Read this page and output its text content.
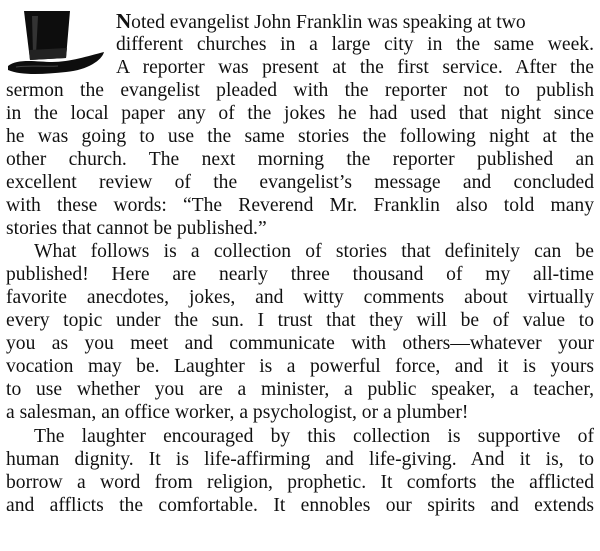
Noted evangelist John Franklin was speaking at two
different churches in a large city in the same week.
A reporter was present at the first service. After the
sermon the evangelist pleaded with the reporter not to publish
in the local paper any of the jokes he had used that night since
he was going to use the same stories the following night at the
other church. The next morning the reporter published an
excellent review of the evangelist’s message and concluded
with these words: “The Reverend Mr. Franklin also told many
stories that cannot be published.”
What follows is a collection of stories that definitely can be
published! Here are nearly three thousand of my all-time
favorite anecdotes, jokes, and witty comments about virtually
every topic under the sun. I trust that they will be of value to
you as you meet and communicate with others—whatever your
vocation may be. Laughter is a powerful force, and it is yours
to use whether you are a minister, a public speaker, a teacher,
a salesman, an office worker, a psychologist, or a plumber!
The laughter encouraged by this collection is supportive of
human dignity. It is life-affirming and life-giving. And it is, to
borrow a word from religion, prophetic. It comforts the afflicted
and afflicts the comfortable. It ennobles our spirits and extends
